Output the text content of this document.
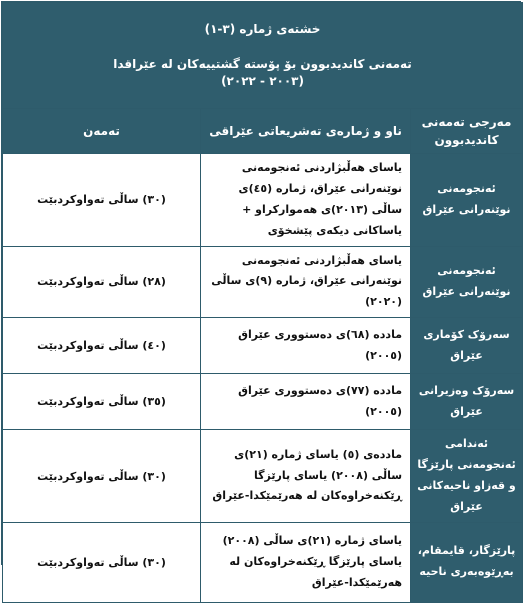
خشتەی ژمارە (٣-١)
تەمەنی کاندیدبوون بۆ پۆستە گشتییەکان لە عێراقدا
(٢٠٠٣ - ٢٠٢٢)		

مەرجی تەمەنی کاندیدبوون	ناو و ژمارەی تەشریعاتی عێراقی	تەمەن
ئەنجومەنی نوێنەرانی عێراق	یاسای هەڵبژاردنی ئەنجومەنی نوێنەرانی عێراق، ژمارە (٤٥)ی ساڵی (٢٠١٣)ی هەموارکراو + یاساکانی دیکەی پێشخۆی	(٣٠) ساڵی تەواوکردبێت
ئەنجومەنی نوێنەرانی عێراق	یاسای هەڵبژاردنی ئەنجومەنی نوێنەرانی عێراق، ژمارە (٩)ی ساڵی (٢٠٢٠)	(٢٨) ساڵی تەواوکردبێت
سەرۆک کۆماری عێراق	ماددە (٦٨)ی دەستووری عێراق (٢٠٠٥)	(٤٠) ساڵی تەواوکردبێت
سەرۆک وەزیرانی عێراق	ماددە (٧٧)ی دەستووری عێراق (٢٠٠٥)	(٣٥) ساڵی تەواوکردبێت
ئەندامی ئەنجومەنی پارێزگا و قەزاو ناحیەکانی عێراق	ماددەی (٥) یاسای ژمارە (٢١)ی ساڵی (٢٠٠٨) یاسای پارێزگا ڕێکنەخراوەکان لە هەرێمێکدا-عێراق	(٣٠) ساڵی تەواوکردبێت
پارێزگار، قایمقام، بەڕێوەبەری ناحیە	یاسای ژمارە (٢١)ی ساڵی (٢٠٠٨) یاسای پارێزگا ڕێکنەخراوەکان لە هەرێمێکدا-عێراق	(٣٠) ساڵی تەواوکردبێت
